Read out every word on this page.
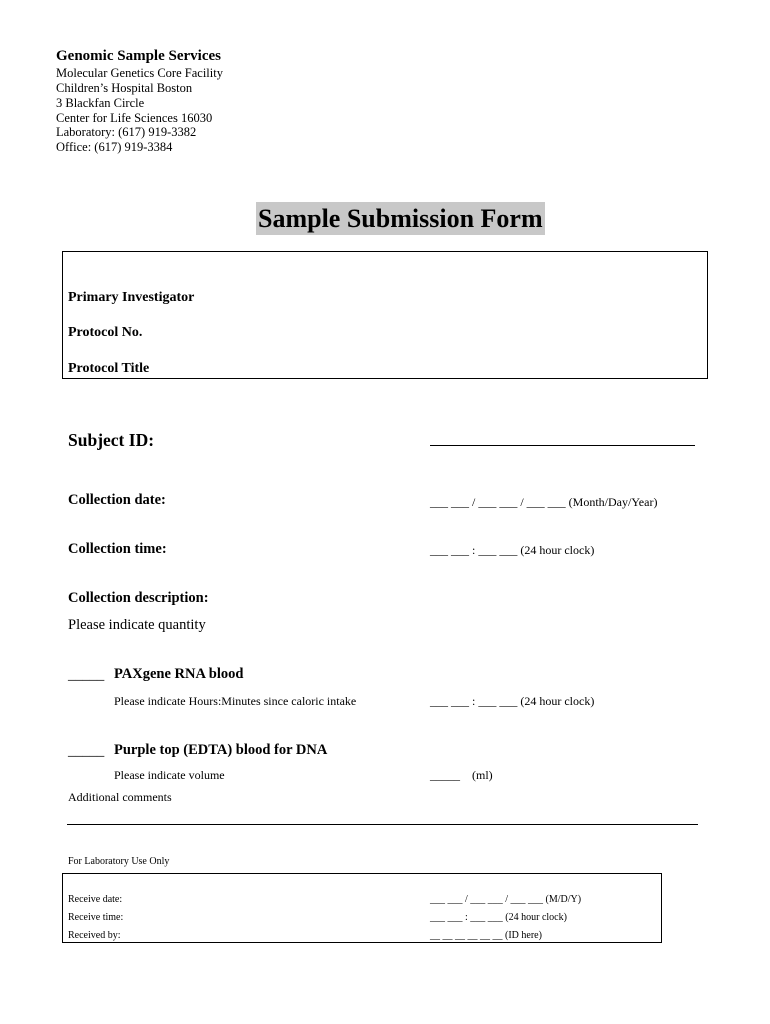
Genomic Sample Services
Molecular Genetics Core Facility
Children’s Hospital Boston
3 Blackfan Circle
Center for Life Sciences 16030
Laboratory: (617) 919-3382
Office: (617) 919-3384
Sample Submission Form
Primary Investigator
Protocol No.
Protocol Title
Subject ID:
Collection date:	___ ___ / ___ ___ / ___ ___ (Month/Day/Year)
Collection time:	___ ___ : ___ ___ (24 hour clock)
Collection description:
Please indicate quantity
_____ PAXgene RNA blood
Please indicate Hours:Minutes since caloric intake	___ ___ : ___ ___ (24 hour clock)
_____ Purple top (EDTA) blood for DNA
Please indicate volume	_____    (ml)
Additional comments
For Laboratory Use Only
Receive date:	___ ___ / ___ ___ / ___ ___ (M/D/Y)
Receive time:	___ ___ : ___ ___ (24 hour clock)
Received by:	__ __ __ __ __ __ (ID here)
